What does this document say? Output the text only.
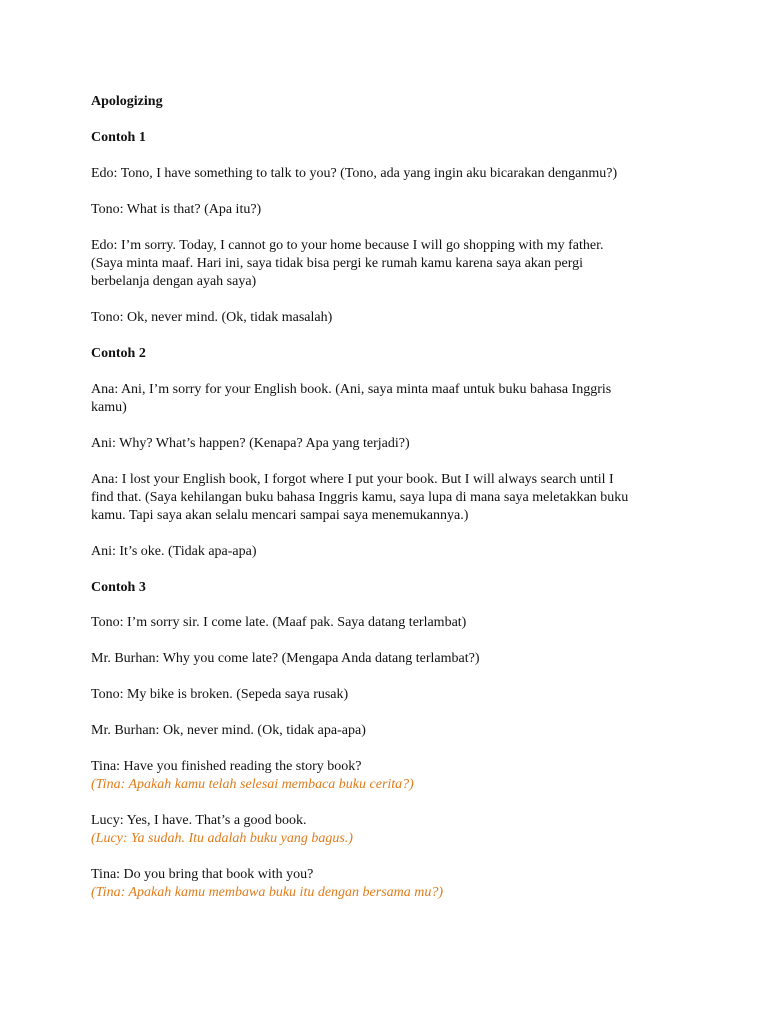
Apologizing
Contoh 1
Edo: Tono, I have something to talk to you? (Tono, ada yang ingin aku bicarakan denganmu?)
Tono: What is that? (Apa itu?)
Edo: I’m sorry. Today, I cannot go to your home because I will go shopping with my father.
(Saya minta maaf. Hari ini, saya tidak bisa pergi ke rumah kamu karena saya akan pergi
berbelanja dengan ayah saya)
Tono: Ok, never mind. (Ok, tidak masalah)
Contoh 2
Ana: Ani, I’m sorry for your English book. (Ani, saya minta maaf untuk buku bahasa Inggris
kamu)
Ani: Why? What’s happen? (Kenapa? Apa yang terjadi?)
Ana: I lost your English book, I forgot where I put your book. But I will always search until I
find that. (Saya kehilangan buku bahasa Inggris kamu, saya lupa di mana saya meletakkan buku
kamu. Tapi saya akan selalu mencari sampai saya menemukannya.)
Ani: It’s oke. (Tidak apa-apa)
Contoh 3
Tono: I’m sorry sir. I come late. (Maaf pak. Saya datang terlambat)
Mr. Burhan: Why you come late? (Mengapa Anda datang terlambat?)
Tono: My bike is broken. (Sepeda saya rusak)
Mr. Burhan: Ok, never mind. (Ok, tidak apa-apa)
Tina: Have you finished reading the story book?
(Tina: Apakah kamu telah selesai membaca buku cerita?)
Lucy: Yes, I have. That’s a good book.
(Lucy: Ya sudah. Itu adalah buku yang bagus.)
Tina: Do you bring that book with you?
(Tina: Apakah kamu membawa buku itu dengan bersama mu?)
